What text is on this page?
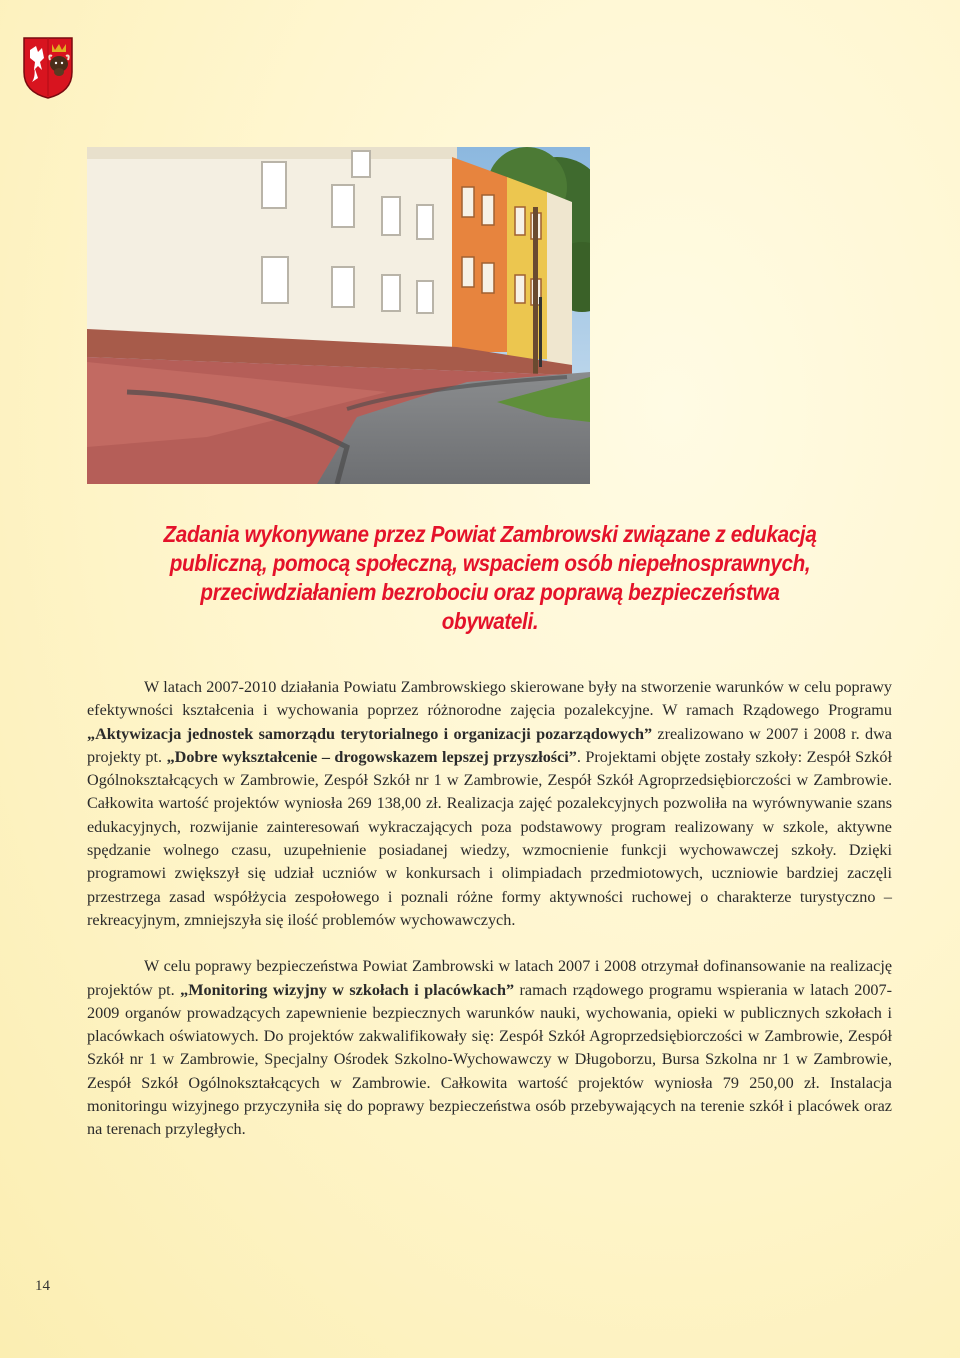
Zadania wykonywane przez Powiat Zambrowski związane z edukacją
publiczną, pomocą społeczną, wspaciem osób niepełnosprawnych,
przeciwdziałaniem bezrobociu oraz poprawą bezpieczeństwa
obywateli.

W latach 2007-2010 działania Powiatu Zambrowskiego skierowane były na stworzenie warunków w celu poprawy efektywności kształcenia i wychowania poprzez różnorodne zajęcia pozalekcyjne. W ramach Rządowego Programu „Aktywizacja jednostek samorządu terytorialnego i organizacji pozarządowych” zrealizowano w 2007 i 2008 r. dwa projekty pt. „Dobre wykształcenie – drogowskazem lepszej przyszłości”. Projektami objęte zostały szkoły: Zespół Szkół Ogólnokształcących w Zambrowie, Zespół Szkół nr 1 w Zambrowie, Zespół Szkół Agroprzedsiębiorczości w Zambrowie. Całkowita wartość projektów wyniosła 269 138,00 zł. Realizacja zajęć pozalekcyjnych pozwoliła na wyrównywanie szans edukacyjnych, rozwijanie zainteresowań wykraczających poza podstawowy program realizowany w szkole, aktywne spędzanie wolnego czasu, uzupełnienie posiadanej wiedzy, wzmocnienie funkcji wychowawczej szkoły. Dzięki programowi zwiększył się udział uczniów w konkursach i olimpiadach przedmiotowych, uczniowie bardziej zaczęli przestrzega zasad współżycia zespołowego i poznali różne formy aktywności ruchowej o charakterze turystyczno – rekreacyjnym, zmniejszyła się ilość problemów wychowawczych.

W celu poprawy bezpieczeństwa Powiat Zambrowski w latach 2007 i 2008 otrzymał dofinansowanie na realizację projektów pt. „Monitoring wizyjny w szkołach i placówkach” ramach rządowego programu wspierania w latach 2007-2009 organów prowadzących zapewnienie bezpiecznych warunków nauki, wychowania, opieki w publicznych szkołach i placówkach oświatowych. Do projektów zakwalifikowały się: Zespół Szkół Agroprzedsiębiorczości w Zambrowie, Zespół Szkół nr 1 w Zambrowie, Specjalny Ośrodek Szkolno-Wychowawczy w Długoborzu, Bursa Szkolna nr 1 w Zambrowie, Zespół Szkół Ogólnokształcących w Zambrowie. Całkowita wartość projektów wyniosła 79 250,00 zł. Instalacja monitoringu wizyjnego przyczyniła się do poprawy bezpieczeństwa osób przebywających na terenie szkół i placówek oraz na terenach przyległych.

14
